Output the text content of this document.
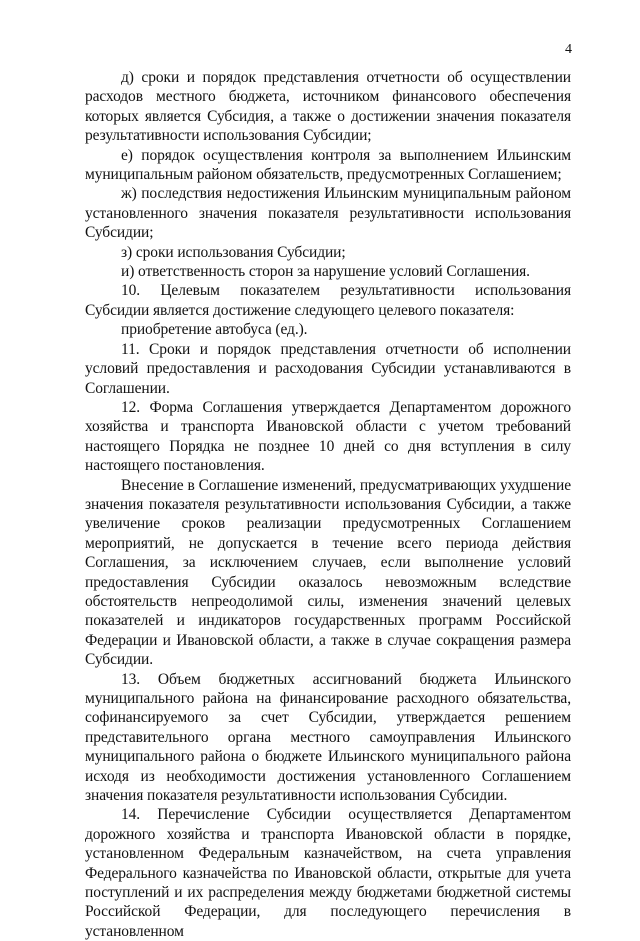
4

д) сроки и порядок представления отчетности об осуществлении расходов местного бюджета, источником финансового обеспечения которых является Субсидия, а также о достижении значения показателя результативности использования Субсидии;

е) порядок осуществления контроля за выполнением Ильинским муниципальным районом обязательств, предусмотренных Соглашением;

ж) последствия недостижения Ильинским муниципальным районом установленного значения показателя результативности использования Субсидии;

з) сроки использования Субсидии;

и) ответственность сторон за нарушение условий Соглашения.

10. Целевым показателем результативности использования Субсидии является достижение следующего целевого показателя:

приобретение автобуса (ед.).

11. Сроки и порядок представления отчетности об исполнении условий предоставления и расходования Субсидии устанавливаются в Соглашении.

12. Форма Соглашения утверждается Департаментом дорожного хозяйства и транспорта Ивановской области с учетом требований настоящего Порядка не позднее 10 дней со дня вступления в силу настоящего постановления.

Внесение в Соглашение изменений, предусматривающих ухудшение значения показателя результативности использования Субсидии, а также увеличение сроков реализации предусмотренных Соглашением мероприятий, не допускается в течение всего периода действия Соглашения, за исключением случаев, если выполнение условий предоставления Субсидии оказалось невозможным вследствие обстоятельств непреодолимой силы, изменения значений целевых показателей и индикаторов государственных программ Российской Федерации и Ивановской области, а также в случае сокращения размера Субсидии.

13. Объем бюджетных ассигнований бюджета Ильинского муниципального района на финансирование расходного обязательства, софинансируемого за счет Субсидии, утверждается решением представительного органа местного самоуправления Ильинского муниципального района о бюджете Ильинского муниципального района исходя из необходимости достижения установленного Соглашением значения показателя результативности использования Субсидии.

14. Перечисление Субсидии осуществляется Департаментом дорожного хозяйства и транспорта Ивановской области в порядке, установленном Федеральным казначейством, на счета управления Федерального казначейства по Ивановской области, открытые для учета поступлений и их распределения между бюджетами бюджетной системы Российской Федерации, для последующего перечисления в установленном
